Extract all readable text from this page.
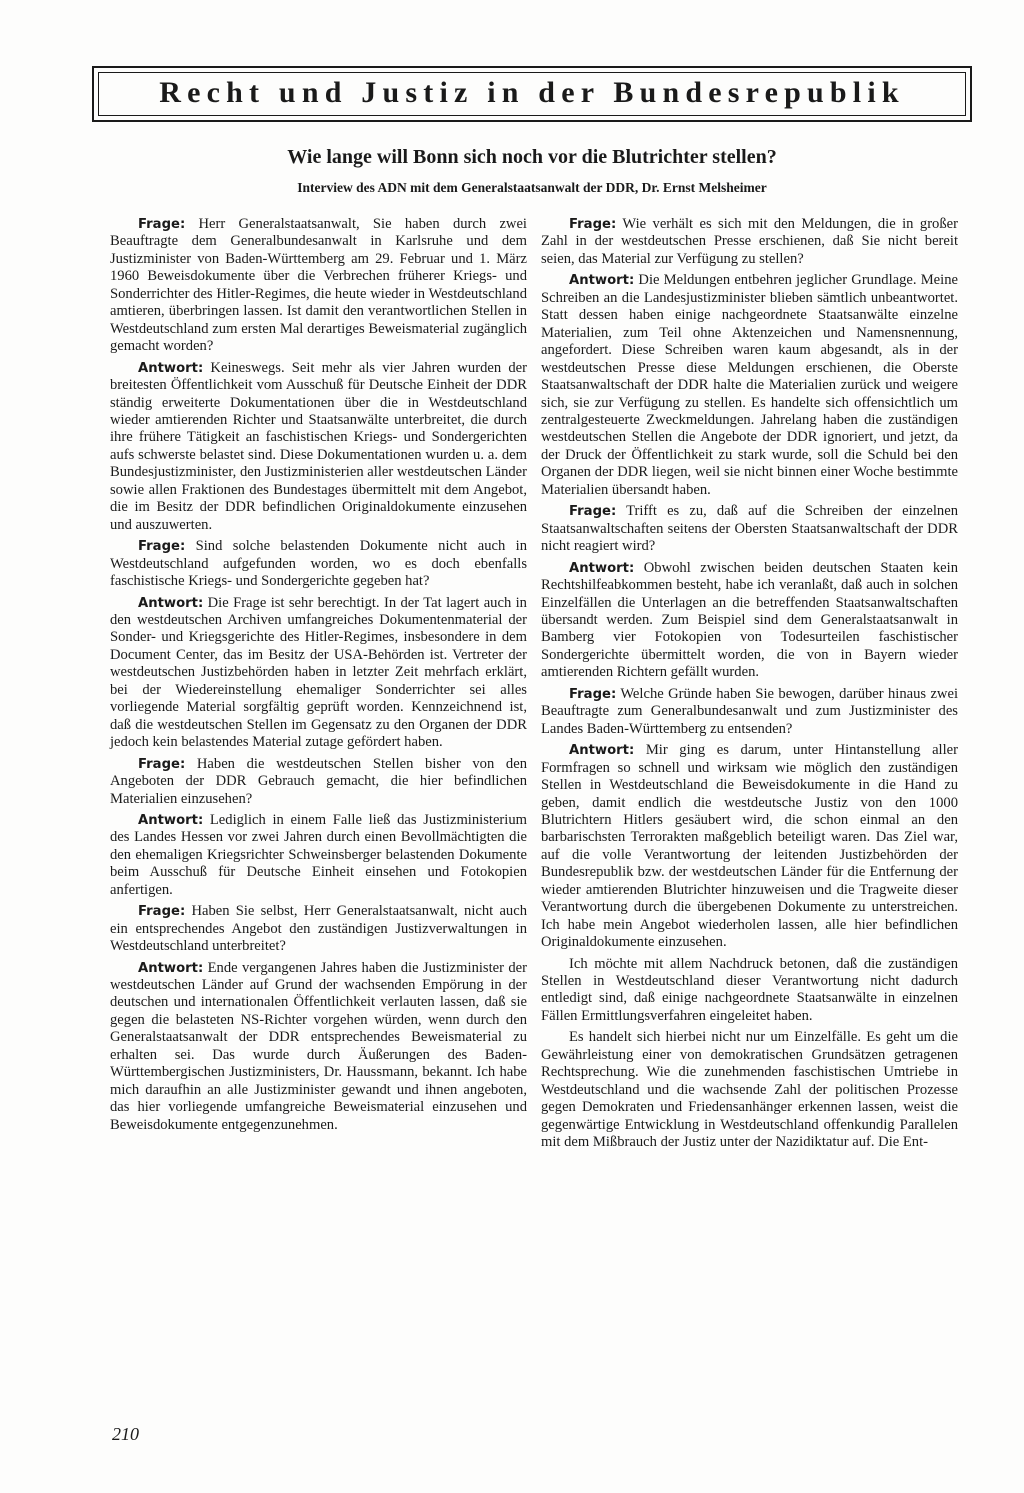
Recht und Justiz in der Bundesrepublik
Wie lange will Bonn sich noch vor die Blutrichter stellen?
Interview des ADN mit dem Generalstaatsanwalt der DDR, Dr. Ernst Melsheimer

Frage: Herr Generalstaatsanwalt, Sie haben durch zwei Beauftragte dem Generalbundesanwalt in Karlsruhe und dem Justizminister von Baden-Württemberg am 29. Februar und 1. März 1960 Beweisdokumente über die Verbrechen früherer Kriegs- und Sonderrichter des Hitler-Regimes, die heute wieder in Westdeutschland amtieren, überbringen lassen. Ist damit den verantwortlichen Stellen in Westdeutschland zum ersten Mal derartiges Beweismaterial zugänglich gemacht worden?

Antwort: Keineswegs. Seit mehr als vier Jahren wurden der breitesten Öffentlichkeit vom Ausschuß für Deutsche Einheit der DDR ständig erweiterte Dokumentationen über die in Westdeutschland wieder amtierenden Richter und Staatsanwälte unterbreitet, die durch ihre frühere Tätigkeit an faschistischen Kriegs- und Sondergerichten aufs schwerste belastet sind. Diese Dokumentationen wurden u. a. dem Bundesjustizminister, den Justizministerien aller westdeutschen Länder sowie allen Fraktionen des Bundestages übermittelt mit dem Angebot, die im Besitz der DDR befindlichen Originaldokumente einzusehen und auszuwerten.

Frage: Sind solche belastenden Dokumente nicht auch in Westdeutschland aufgefunden worden, wo es doch ebenfalls faschistische Kriegs- und Sondergerichte gegeben hat?

Antwort: Die Frage ist sehr berechtigt. In der Tat lagert auch in den westdeutschen Archiven umfangreiches Dokumentenmaterial der Sonder- und Kriegsgerichte des Hitler-Regimes, insbesondere in dem Document Center, das im Besitz der USA-Behörden ist. Vertreter der westdeutschen Justizbehörden haben in letzter Zeit mehrfach erklärt, bei der Wiedereinstellung ehemaliger Sonderrichter sei alles vorliegende Material sorgfältig geprüft worden. Kennzeichnend ist, daß die westdeutschen Stellen im Gegensatz zu den Organen der DDR jedoch kein belastendes Material zutage gefördert haben.

Frage: Haben die westdeutschen Stellen bisher von den Angeboten der DDR Gebrauch gemacht, die hier befindlichen Materialien einzusehen?

Antwort: Lediglich in einem Falle ließ das Justizministerium des Landes Hessen vor zwei Jahren durch einen Bevollmächtigten die den ehemaligen Kriegsrichter Schweinsberger belastenden Dokumente beim Ausschuß für Deutsche Einheit einsehen und Fotokopien anfertigen.

Frage: Haben Sie selbst, Herr Generalstaatsanwalt, nicht auch ein entsprechendes Angebot den zuständigen Justizverwaltungen in Westdeutschland unterbreitet?

Antwort: Ende vergangenen Jahres haben die Justizminister der westdeutschen Länder auf Grund der wachsenden Empörung in der deutschen und internationalen Öffentlichkeit verlauten lassen, daß sie gegen die belasteten NS-Richter vorgehen würden, wenn durch den Generalstaatsanwalt der DDR entsprechendes Beweismaterial zu erhalten sei. Das wurde durch Äußerungen des Baden-Württembergischen Justizministers, Dr. Haussmann, bekannt. Ich habe mich daraufhin an alle Justizminister gewandt und ihnen angeboten, das hier vorliegende umfangreiche Beweismaterial einzusehen und Beweisdokumente entgegenzunehmen.

Frage: Wie verhält es sich mit den Meldungen, die in großer Zahl in der westdeutschen Presse erschienen, daß Sie nicht bereit seien, das Material zur Verfügung zu stellen?

Antwort: Die Meldungen entbehren jeglicher Grundlage. Meine Schreiben an die Landesjustizminister blieben sämtlich unbeantwortet. Statt dessen haben einige nachgeordnete Staatsanwälte einzelne Materialien, zum Teil ohne Aktenzeichen und Namensnennung, angefordert. Diese Schreiben waren kaum abgesandt, als in der westdeutschen Presse diese Meldungen erschienen, die Oberste Staatsanwaltschaft der DDR halte die Materialien zurück und weigere sich, sie zur Verfügung zu stellen. Es handelte sich offensichtlich um zentralgesteuerte Zweckmeldungen. Jahrelang haben die zuständigen westdeutschen Stellen die Angebote der DDR ignoriert, und jetzt, da der Druck der Öffentlichkeit zu stark wurde, soll die Schuld bei den Organen der DDR liegen, weil sie nicht binnen einer Woche bestimmte Materialien übersandt haben.

Frage: Trifft es zu, daß auf die Schreiben der einzelnen Staatsanwaltschaften seitens der Obersten Staatsanwaltschaft der DDR nicht reagiert wird?

Antwort: Obwohl zwischen beiden deutschen Staaten kein Rechtshilfeabkommen besteht, habe ich veranlaßt, daß auch in solchen Einzelfällen die Unterlagen an die betreffenden Staatsanwaltschaften übersandt werden. Zum Beispiel sind dem Generalstaatsanwalt in Bamberg vier Fotokopien von Todesurteilen faschistischer Sondergerichte übermittelt worden, die von in Bayern wieder amtierenden Richtern gefällt wurden.

Frage: Welche Gründe haben Sie bewogen, darüber hinaus zwei Beauftragte zum Generalbundesanwalt und zum Justizminister des Landes Baden-Württemberg zu entsenden?

Antwort: Mir ging es darum, unter Hintanstellung aller Formfragen so schnell und wirksam wie möglich den zuständigen Stellen in Westdeutschland die Beweisdokumente in die Hand zu geben, damit endlich die westdeutsche Justiz von den 1000 Blutrichtern Hitlers gesäubert wird, die schon einmal an den barbarischsten Terrorakten maßgeblich beteiligt waren. Das Ziel war, auf die volle Verantwortung der leitenden Justizbehörden der Bundesrepublik bzw. der westdeutschen Länder für die Entfernung der wieder amtierenden Blutrichter hinzuweisen und die Tragweite dieser Verantwortung durch die übergebenen Dokumente zu unterstreichen. Ich habe mein Angebot wiederholen lassen, alle hier befindlichen Originaldokumente einzusehen.

Ich möchte mit allem Nachdruck betonen, daß die zuständigen Stellen in Westdeutschland dieser Verantwortung nicht dadurch entledigt sind, daß einige nachgeordnete Staatsanwälte in einzelnen Fällen Ermittlungsverfahren eingeleitet haben.

Es handelt sich hierbei nicht nur um Einzelfälle. Es geht um die Gewährleistung einer von demokratischen Grundsätzen getragenen Rechtsprechung. Wie die zunehmenden faschistischen Umtriebe in Westdeutschland und die wachsende Zahl der politischen Prozesse gegen Demokraten und Friedensanhänger erkennen lassen, weist die gegenwärtige Entwicklung in Westdeutschland offenkundig Parallelen mit dem Mißbrauch der Justiz unter der Nazidiktatur auf. Die Ent-

210
